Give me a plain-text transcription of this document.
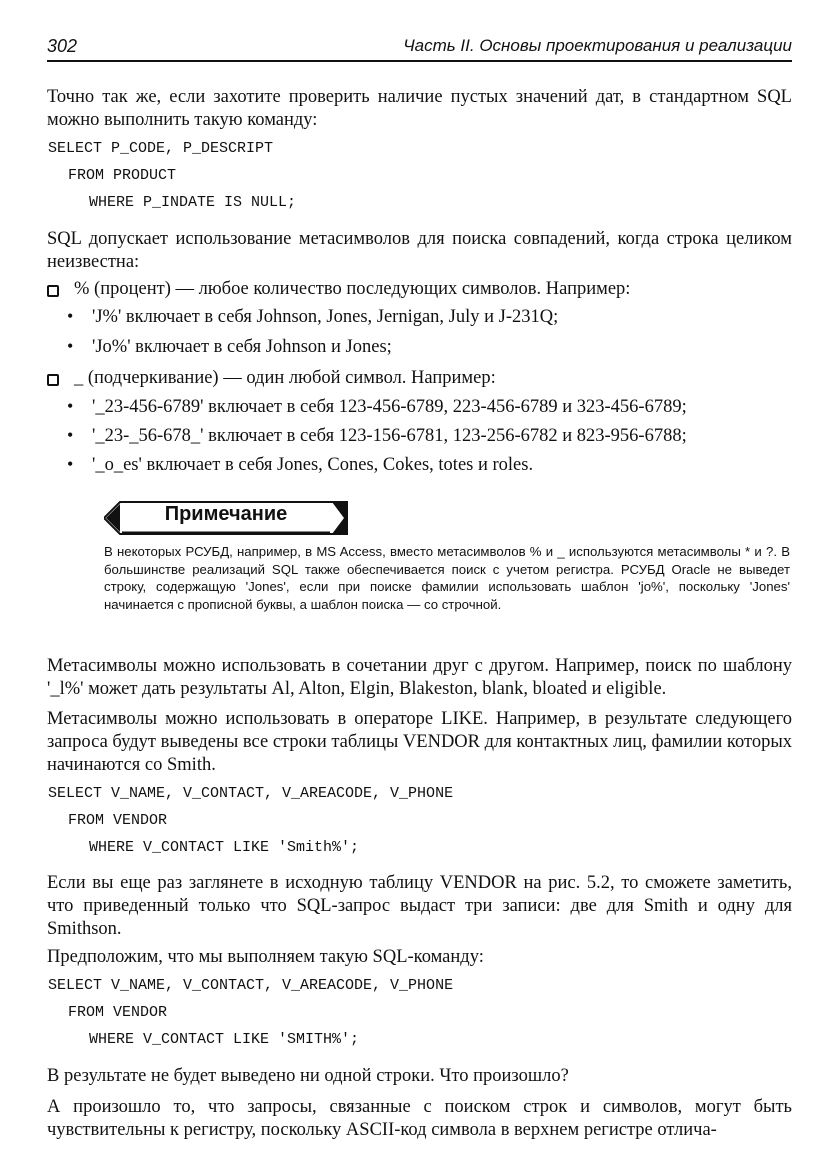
302	Часть II. Основы проектирования и реализации

Точно так же, если захотите проверить наличие пустых значений дат, в стандартном SQL можно выполнить такую команду:

SELECT P_CODE, P_DESCRIPT
FROM PRODUCT
WHERE P_INDATE IS NULL;

SQL допускает использование метасимволов для поиска совпадений, когда строка целиком неизвестна:

% (процент) — любое количество последующих символов. Например:
• 'J%' включает в себя Johnson, Jones, Jernigan, July и J-231Q;
• 'Jo%' включает в себя Johnson и Jones;
_ (подчеркивание) — один любой символ. Например:
• '_23-456-6789' включает в себя 123-456-6789, 223-456-6789 и 323-456-6789;
• '_23-_56-678_' включает в себя 123-156-6781, 123-256-6782 и 823-956-6788;
• '_o_es' включает в себя Jones, Cones, Cokes, totes и roles.
Примечание

В некоторых РСУБД, например, в MS Access, вместо метасимволов % и _ используются метасимволы * и ?. В большинстве реализаций SQL также обеспечивается поиск с учетом регистра. РСУБД Oracle не выведет строку, содержащую 'Jones', если при поиске фамилии использовать шаблон 'jo%', поскольку 'Jones' начинается с прописной буквы, а шаблон поиска — со строчной.

Метасимволы можно использовать в сочетании друг с другом. Например, поиск по шаблону '_l%' может дать результаты Al, Alton, Elgin, Blakeston, blank, bloated и eligible.

Метасимволы можно использовать в операторе LIKE. Например, в результате следующего запроса будут выведены все строки таблицы VENDOR для контактных лиц, фамилии которых начинаются со Smith.

SELECT V_NAME, V_CONTACT, V_AREACODE, V_PHONE
FROM VENDOR
WHERE V_CONTACT LIKE 'Smith%';

Если вы еще раз заглянете в исходную таблицу VENDOR на рис. 5.2, то сможете заметить, что приведенный только что SQL-запрос выдаст три записи: две для Smith и одну для Smithson.

Предположим, что мы выполняем такую SQL-команду:

SELECT V_NAME, V_CONTACT, V_AREACODE, V_PHONE
FROM VENDOR
WHERE V_CONTACT LIKE 'SMITH%';

В результате не будет выведено ни одной строки. Что произошло?

А произошло то, что запросы, связанные с поиском строк и символов, могут быть чувствительны к регистру, поскольку ASCII-код символа в верхнем регистре отлича-
